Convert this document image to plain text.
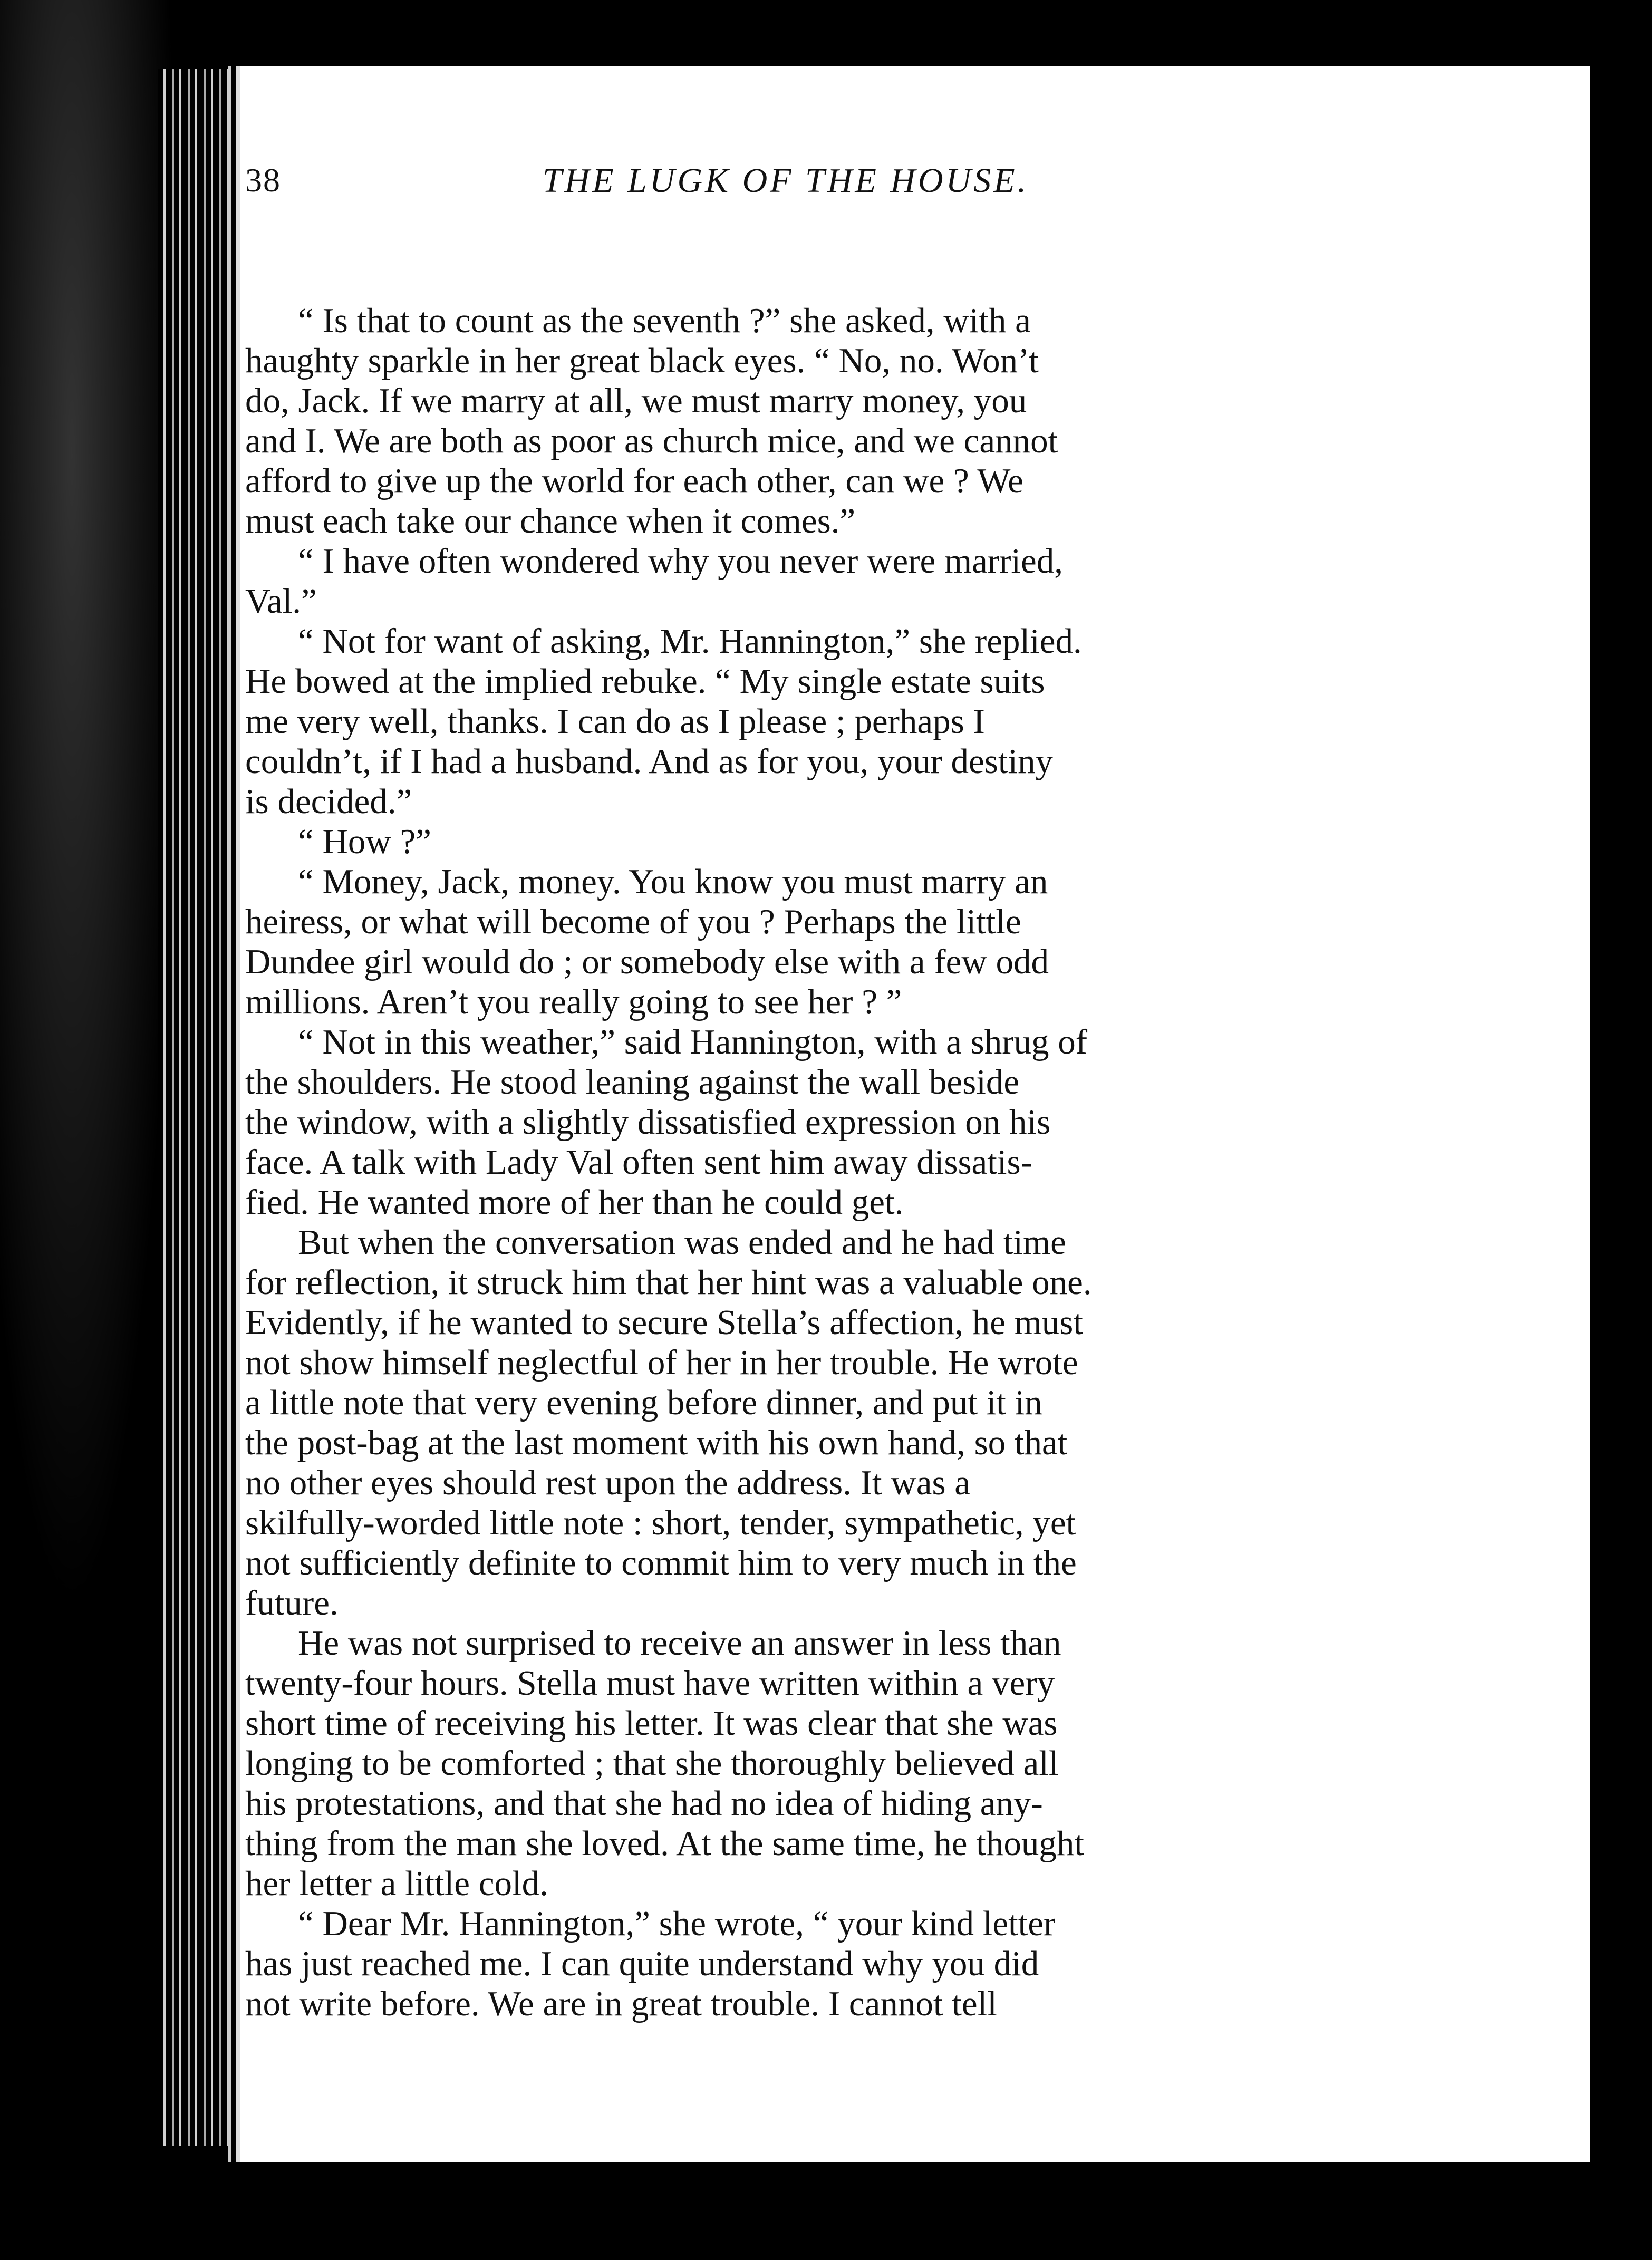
38	THE LUGK OF THE HOUSE.
“ Is that to count as the seventh ?” she asked, with a
haughty sparkle in her great black eyes. “ No, no. Won’t
do, Jack. If we marry at all, we must marry money, you
and I. We are both as poor as church mice, and we cannot
afford to give up the world for each other, can we ? We
must each take our chance when it comes.”
“ I have often wondered why you never were married,
Val.”
“ Not for want of asking, Mr. Hannington,” she replied.
He bowed at the implied rebuke. “ My single estate suits
me very well, thanks. I can do as I please ; perhaps I
couldn’t, if I had a husband. And as for you, your destiny
is decided.”
“ How ?”
“ Money, Jack, money. You know you must marry an
heiress, or what will become of you ? Perhaps the little
Dundee girl would do ; or somebody else with a few odd
millions. Aren’t you really going to see her ? ”
“ Not in this weather,” said Hannington, with a shrug of
the shoulders. He stood leaning against the wall beside
the window, with a slightly dissatisfied expression on his
face. A talk with Lady Val often sent him away dissatis-
fied. He wanted more of her than he could get.
But when the conversation was ended and he had time
for reflection, it struck him that her hint was a valuable one.
Evidently, if he wanted to secure Stella’s affection, he must
not show himself neglectful of her in her trouble. He wrote
a little note that very evening before dinner, and put it in
the post-bag at the last moment with his own hand, so that
no other eyes should rest upon the address. It was a
skilfully-worded little note : short, tender, sympathetic, yet
not sufficiently definite to commit him to very much in the
future.
He was not surprised to receive an answer in less than
twenty-four hours. Stella must have written within a very
short time of receiving his letter. It was clear that she was
longing to be comforted ; that she thoroughly believed all
his protestations, and that she had no idea of hiding any-
thing from the man she loved. At the same time, he thought
her letter a little cold.
“ Dear Mr. Hannington,” she wrote, “ your kind letter
has just reached me. I can quite understand why you did
not write before. We are in great trouble. I cannot tell
